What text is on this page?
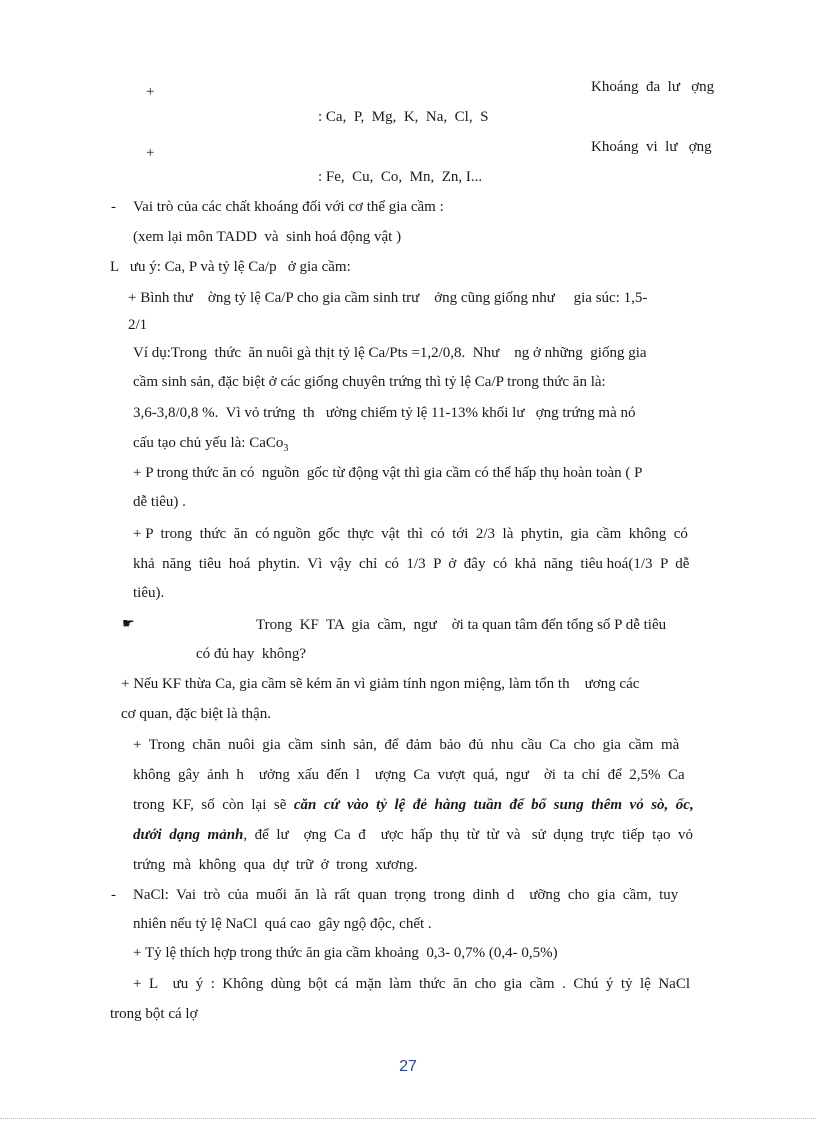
+	Khoáng  đa  lư   ợng
: Ca,  P,  Mg,  K,  Na,  Cl,  S
+	Khoáng  vi  lư   ợng
: Fe,  Cu,  Co,  Mn,  Zn, I...
- Vai trò của các chất khoáng đối với cơ thể gia cầm :
(xem lại môn TADD  và  sinh hoá động vật )
L   ưu ý: Ca, P và tỷ lệ Ca/p   ở gia cầm:
+ Bình thư    ờng tỷ lệ Ca/P cho gia cầm sinh trư    ởng cũng giống như     gia súc: 1,5-
2/1
Ví dụ:Trong  thức  ăn nuôi gà thịt tỷ lệ Ca/Pts =1,2/0,8.  Như    ng ở những  giống gia
cầm sinh sản, đặc biệt ở các giống chuyên trứng thì tỷ lệ Ca/P trong thức ăn là:
3,6-3,8/0,8 %.  Vì vỏ trứng  th   ường chiếm tỷ lệ 11-13% khối lư   ợng trứng mà nó
cấu tạo chủ yếu là: CaCo$_3$
+ P trong thức ăn có  nguồn  gốc từ động vật thì gia cầm có thể hấp thụ hoàn toàn ( P
dễ tiêu) .
+ P  trong  thức  ăn  có nguồn  gốc  thực  vật  thì  có  tới  2/3  là  phytin,  gia  cầm  không  có
khả  năng  tiêu  hoá  phytin.  Vì  vậy  chỉ  có  1/3  P  ở  đây  có  khả  năng  tiêu hoá(1/3  P  dễ
tiêu).
☛	Trong  KF  TA  gia  cầm,  ngư    ời ta quan tâm đến tổng số P dễ tiêu
có đủ hay  không?
+ Nếu KF thừa Ca, gia cầm sẽ kém ăn vì giảm tính ngon miệng, làm tổn th    ương các
cơ quan, đặc biệt là thận.
+  Trong  chăn  nuôi  gia  cầm  sinh  sản,  để  đảm  bảo  đủ  nhu  cầu  Ca  cho  gia  cầm  mà
không  gây  ảnh  h    ưởng  xấu  đến  l    ượng  Ca  vượt  quá,  ngư    ời  ta  chỉ  để  2,5%  Ca
trong  KF,  số  còn  lại  sẽ  căn  cứ  vào  tỷ  lệ  đẻ  hàng  tuần  để  bổ  sung  thêm  vỏ  sò,  ốc,
dưới  dạng  mảnh,  để  lư    ợng  Ca  đ    ược  hấp  thụ  từ  từ  và   sử  dụng  trực  tiếp  tạo  vỏ
trứng  mà  không  qua  dự  trữ  ở  trong  xương.
- NaCl:  Vai  trò  của  muối  ăn  là  rất  quan  trọng  trong  dinh  d    ưỡng  cho  gia  cầm,  tuy
nhiên nếu tỷ lệ NaCl  quá cao  gây ngộ độc, chết .
+ Tỷ lệ thích hợp trong thức ăn gia cầm khoảng  0,3- 0,7% (0,4- 0,5%)
+  L    ưu  ý  :  Không  dùng  bột  cá  mặn  làm  thức  ăn  cho  gia  cầm  .  Chú  ý  tỷ  lệ  NaCl
trong bột cá lợ
27
